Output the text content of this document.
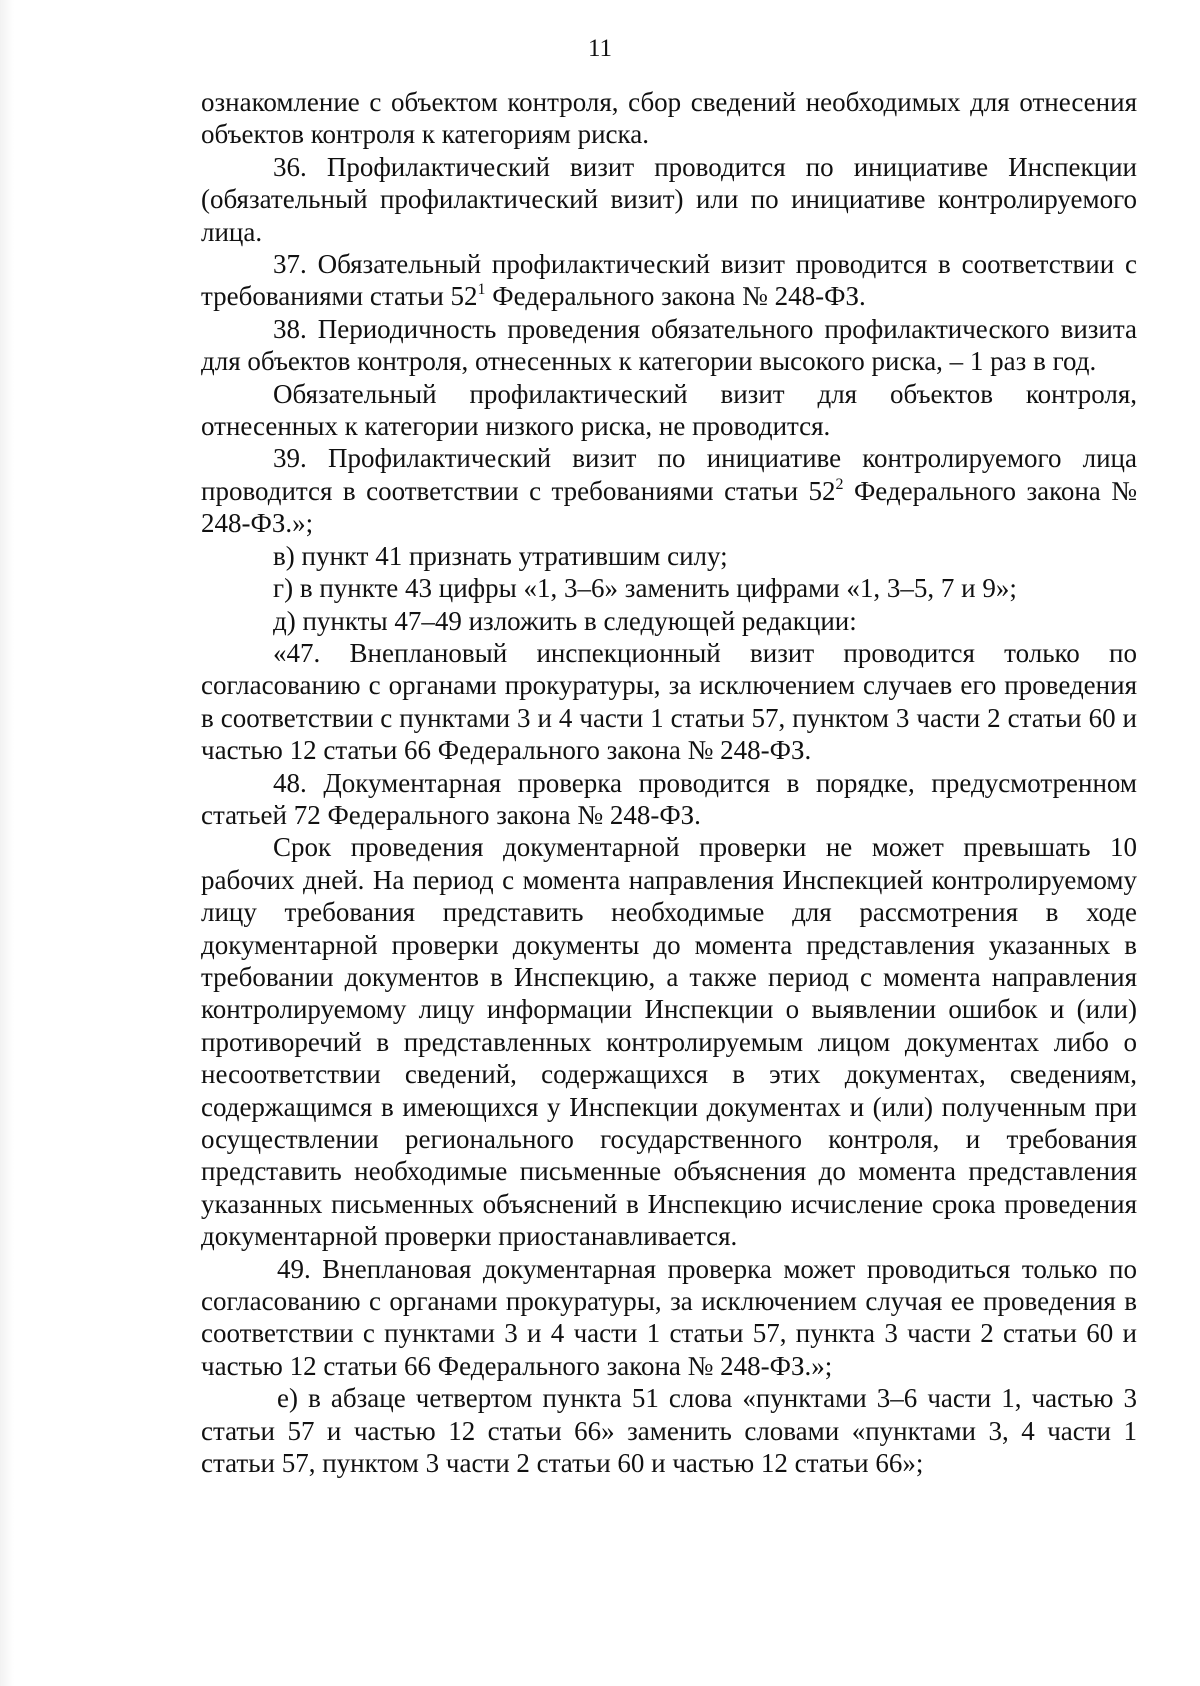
11

ознакомление с объектом контроля, сбор сведений необходимых для отнесения объектов контроля к категориям риска.

36. Профилактический визит проводится по инициативе Инспекции (обязательный профилактический визит) или по инициативе контролируемого лица.

37. Обязательный профилактический визит проводится в соответствии с требованиями статьи $52^1$ Федерального закона № 248-ФЗ.

38. Периодичность проведения обязательного профилактического визита для объектов контроля, отнесенных к категории высокого риска, – 1 раз в год.

Обязательный профилактический визит для объектов контроля, отнесенных к категории низкого риска, не проводится.

39. Профилактический визит по инициативе контролируемого лица проводится в соответствии с требованиями статьи $52^2$ Федерального закона № 248-ФЗ.»;

в) пункт 41 признать утратившим силу;

г) в пункте 43 цифры «1, 3–6» заменить цифрами «1, 3–5, 7 и 9»;

д) пункты 47–49 изложить в следующей редакции:

«47. Внеплановый инспекционный визит проводится только по согласованию с органами прокуратуры, за исключением случаев его проведения в соответствии с пунктами 3 и 4 части 1 статьи 57, пунктом 3 части 2 статьи 60 и частью 12 статьи 66 Федерального закона № 248-ФЗ.

48. Документарная проверка проводится в порядке, предусмотренном статьей 72 Федерального закона № 248-ФЗ.

Срок проведения документарной проверки не может превышать 10 рабочих дней. На период с момента направления Инспекцией контролируемому лицу требования представить необходимые для рассмотрения в ходе документарной проверки документы до момента представления указанных в требовании документов в Инспекцию, а также период с момента направления контролируемому лицу информации Инспекции о выявлении ошибок и (или) противоречий в представленных контролируемым лицом документах либо о несоответствии сведений, содержащихся в этих документах, сведениям, содержащимся в имеющихся у Инспекции документах и (или) полученным при осуществлении регионального государственного контроля, и требования представить необходимые письменные объяснения до момента представления указанных письменных объяснений в Инспекцию исчисление срока проведения документарной проверки приостанавливается.

49. Внеплановая документарная проверка может проводиться только по согласованию с органами прокуратуры, за исключением случая ее проведения в соответствии с пунктами 3 и 4 части 1 статьи 57, пункта 3 части 2 статьи 60 и частью 12 статьи 66 Федерального закона № 248-ФЗ.»;

е) в абзаце четвертом пункта 51 слова «пунктами 3–6 части 1, частью 3 статьи 57 и частью 12 статьи 66» заменить словами «пунктами 3, 4 части 1 статьи 57, пунктом 3 части 2 статьи 60 и частью 12 статьи 66»;
